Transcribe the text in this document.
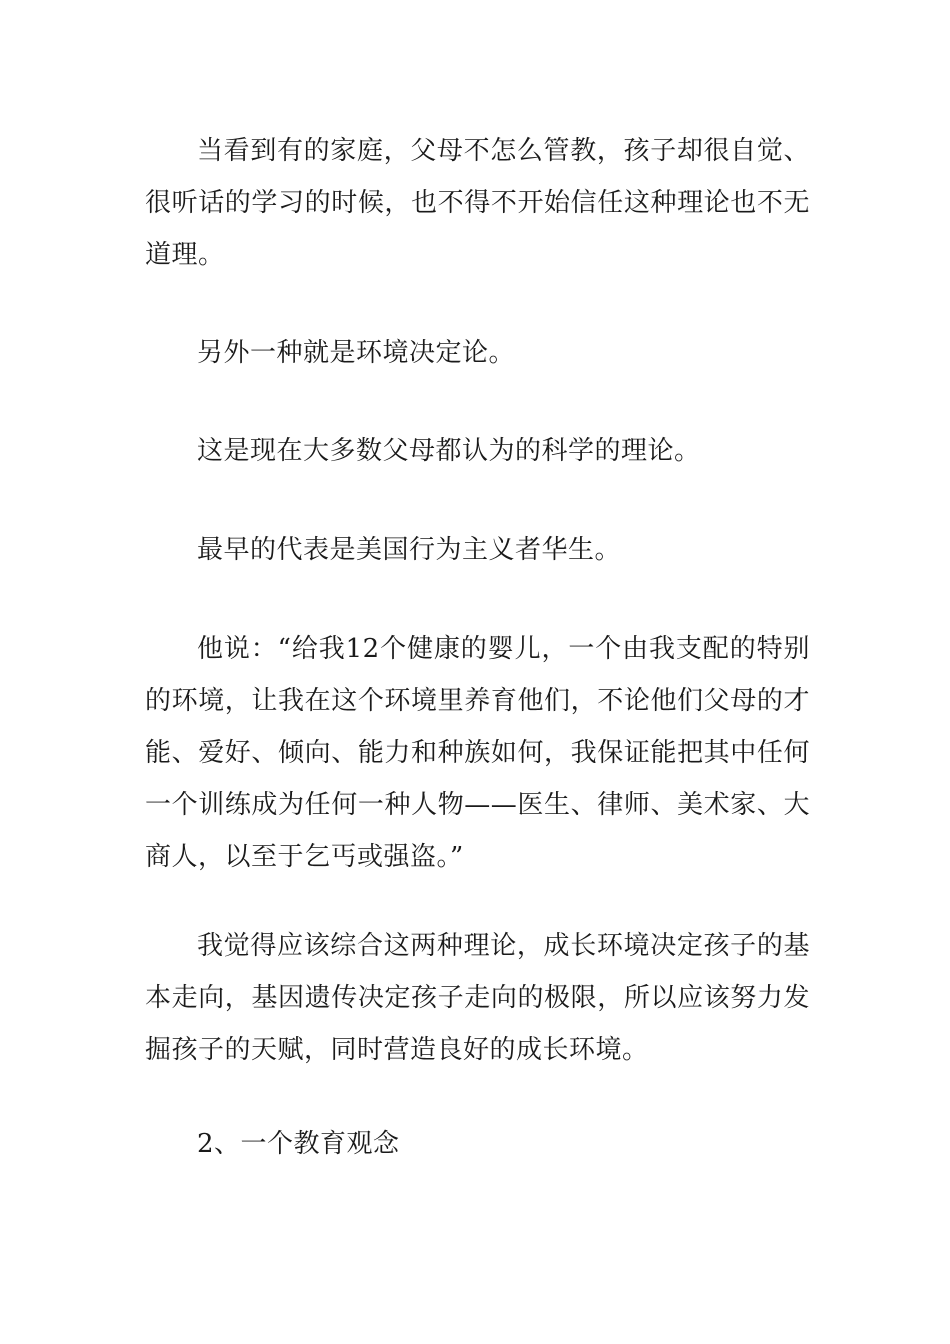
当看到有的家庭，父母不怎么管教，孩子却很自觉、很听话的学习的时候，也不得不开始信任这种理论也不无道理。

另外一种就是环境决定论。

这是现在大多数父母都认为的科学的理论。

最早的代表是美国行为主义者华生。

他说：“给我12个健康的婴儿，一个由我支配的特别的环境，让我在这个环境里养育他们，不论他们父母的才能、爱好、倾向、能力和种族如何，我保证能把其中任何一个训练成为任何一种人物——医生、律师、美术家、大商人，以至于乞丐或强盗。”

我觉得应该综合这两种理论，成长环境决定孩子的基本走向，基因遗传决定孩子走向的极限，所以应该努力发掘孩子的天赋，同时营造良好的成长环境。

2、一个教育观念
